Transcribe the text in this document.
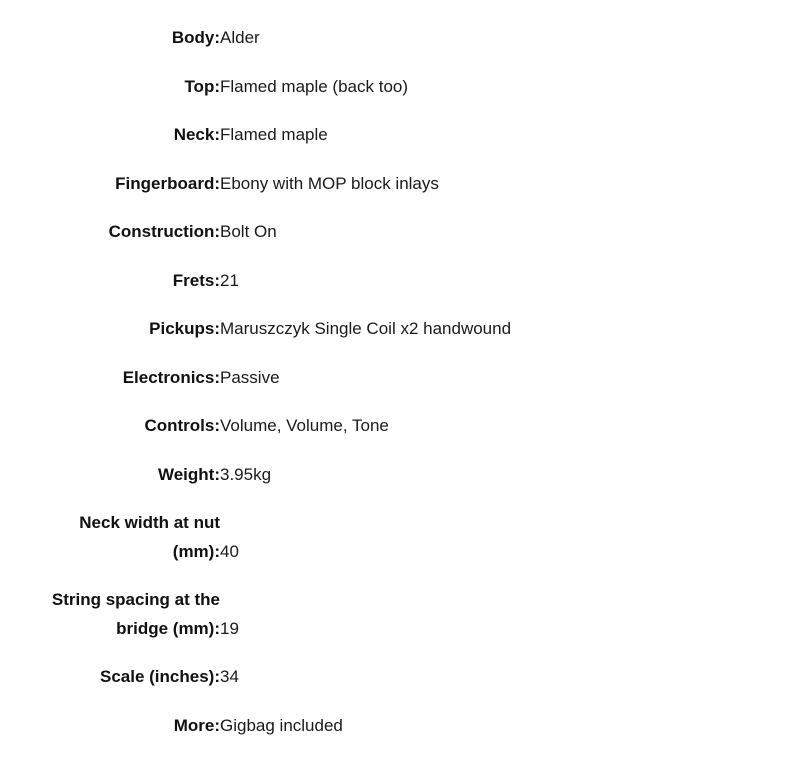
Body:	Alder
Top:	Flamed maple (back too)
Neck:	Flamed maple
Fingerboard:	Ebony with MOP block inlays
Construction:	Bolt On
Frets:	21
Pickups:	Maruszczyk Single Coil x2 handwound
Electronics:	Passive
Controls:	Volume, Volume, Tone
Weight:	3.95kg
Neck width at nut (mm):	40
String spacing at the bridge (mm):	19
Scale (inches):	34
More:	Gigbag included
